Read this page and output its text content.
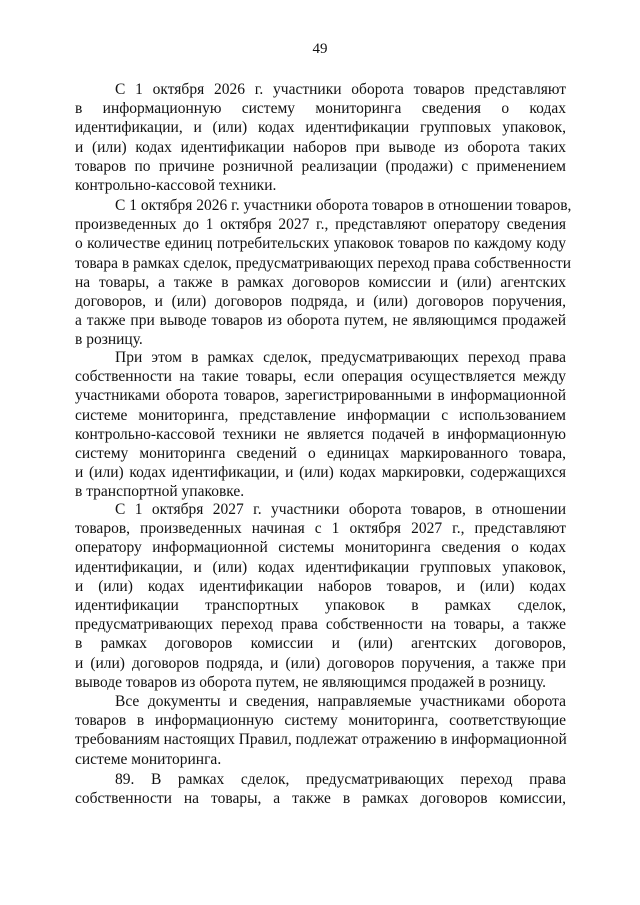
49
С 1 октября 2026 г. участники оборота товаров представляют
в информационную систему мониторинга сведения о кодах
идентификации, и (или) кодах идентификации групповых упаковок,
и (или) кодах идентификации наборов при выводе из оборота таких
товаров по причине розничной реализации (продажи) с применением
контрольно-кассовой техники.
С 1 октября 2026 г. участники оборота товаров в отношении товаров,
произведенных до 1 октября 2027 г., представляют оператору сведения
о количестве единиц потребительских упаковок товаров по каждому коду
товара в рамках сделок, предусматривающих переход права собственности
на товары, а также в рамках договоров комиссии и (или) агентских
договоров, и (или) договоров подряда, и (или) договоров поручения,
а также при выводе товаров из оборота путем, не являющимся продажей
в розницу.
При этом в рамках сделок, предусматривающих переход права
собственности на такие товары, если операция осуществляется между
участниками оборота товаров, зарегистрированными в информационной
системе мониторинга, представление информации с использованием
контрольно-кассовой техники не является подачей в информационную
систему мониторинга сведений о единицах маркированного товара,
и (или) кодах идентификации, и (или) кодах маркировки, содержащихся
в транспортной упаковке.
С 1 октября 2027 г. участники оборота товаров, в отношении
товаров, произведенных начиная с 1 октября 2027 г., представляют
оператору информационной системы мониторинга сведения о кодах
идентификации, и (или) кодах идентификации групповых упаковок,
и (или) кодах идентификации наборов товаров, и (или) кодах
идентификации транспортных упаковок в рамках сделок,
предусматривающих переход права собственности на товары, а также
в рамках договоров комиссии и (или) агентских договоров,
и (или) договоров подряда, и (или) договоров поручения, а также при
выводе товаров из оборота путем, не являющимся продажей в розницу.
Все документы и сведения, направляемые участниками оборота
товаров в информационную систему мониторинга, соответствующие
требованиям настоящих Правил, подлежат отражению в информационной
системе мониторинга.
89. В рамках сделок, предусматривающих переход права
собственности на товары, а также в рамках договоров комиссии,
